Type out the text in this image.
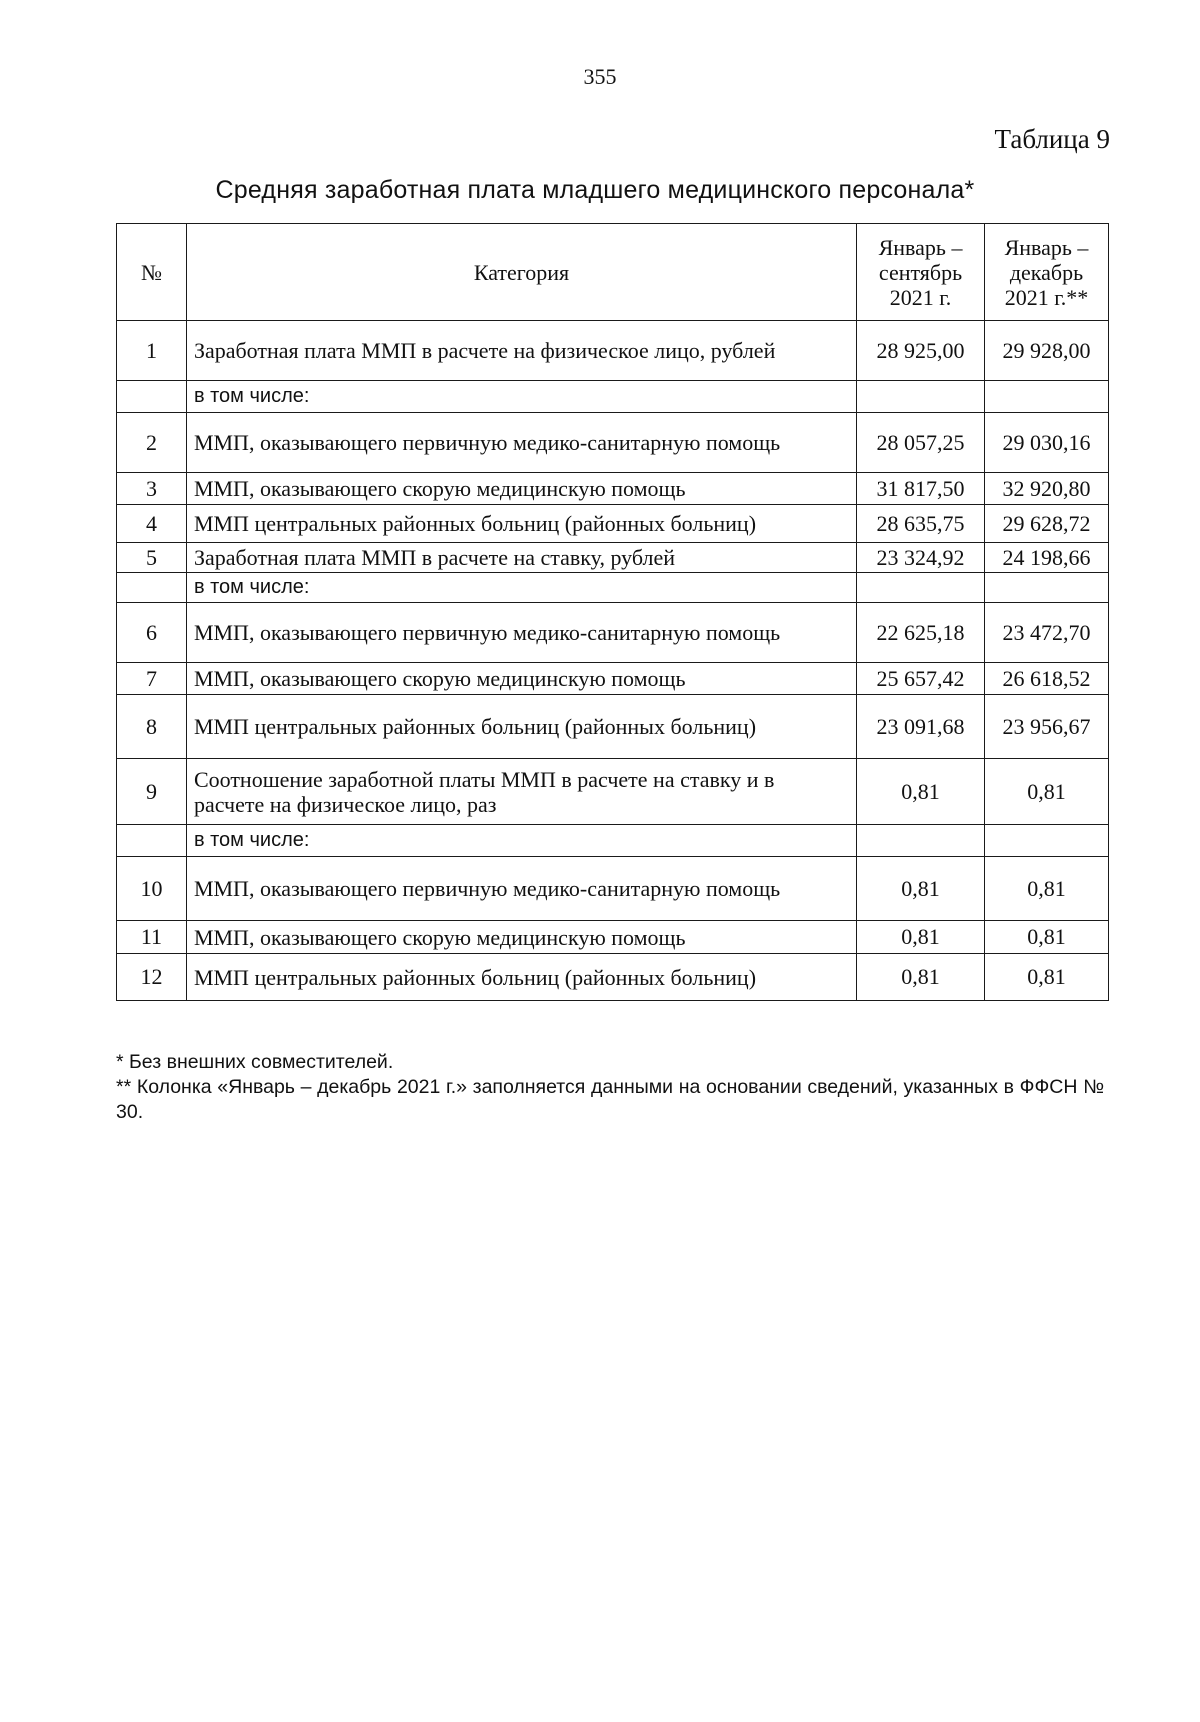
355
Таблица 9
Средняя заработная плата младшего медицинского персонала*
№	Категория	Январь – сентябрь 2021 г.	Январь – декабрь 2021 г.**
1	Заработная плата ММП в расчете на физическое лицо, рублей	28 925,00	29 928,00
	в том числе:		
2	ММП, оказывающего первичную медико-санитарную помощь	28 057,25	29 030,16
3	ММП, оказывающего скорую медицинскую помощь	31 817,50	32 920,80
4	ММП центральных районных больниц (районных больниц)	28 635,75	29 628,72
5	Заработная плата ММП в расчете на ставку, рублей	23 324,92	24 198,66
	в том числе:		
6	ММП, оказывающего первичную медико-санитарную помощь	22 625,18	23 472,70
7	ММП, оказывающего скорую медицинскую помощь	25 657,42	26 618,52
8	ММП центральных районных больниц (районных больниц)	23 091,68	23 956,67
9	Соотношение заработной платы ММП в расчете на ставку и в расчете на физическое лицо, раз	0,81	0,81
	в том числе:		
10	ММП, оказывающего первичную медико-санитарную помощь	0,81	0,81
11	ММП, оказывающего скорую медицинскую помощь	0,81	0,81
12	ММП центральных районных больниц (районных больниц)	0,81	0,81

* Без внешних совместителей.

** Колонка «Январь – декабрь 2021 г.» заполняется данными на основании сведений, указанных в ФФСН № 30.
